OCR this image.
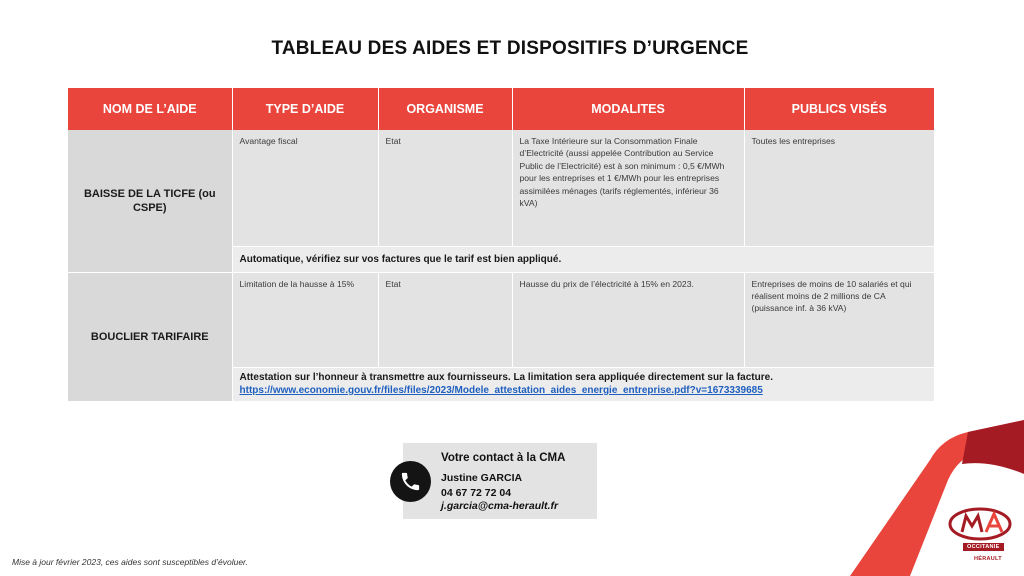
TABLEAU DES AIDES ET DISPOSITIFS D’URGENCE
NOM DE L’AIDE	TYPE D’AIDE	ORGANISME	MODALITES	PUBLICS VISÉS
BAISSE DE LA TICFE (ou CSPE)	Avantage fiscal	Etat	La Taxe Intérieure sur la Consommation Finale d’Electricité (aussi appelée Contribution au Service Public de l’Electricité) est à son minimum : 0,5 €/MWh pour les entreprises et 1 €/MWh pour les entreprises assimilées ménages (tarifs réglementés, inférieur 36 kVA)	Toutes les entreprises
	Automatique, vérifiez sur vos factures que le tarif est bien appliqué.			
BOUCLIER TARIFAIRE	Limitation de la hausse à 15%	Etat	Hausse du prix de l’électricité à 15% en 2023.	Entreprises de moins de 10 salariés et qui réalisent moins de 2 millions de CA (puissance inf. à 36 kVA)
	Attestation sur l’honneur à transmettre aux fournisseurs. La limitation sera appliquée directement sur la facture.
https://www.economie.gouv.fr/files/files/2023/Modele_attestation_aides_energie_entreprise.pdf?v=1673339685			
Votre contact à la CMA
Justine GARCIA
04 67 72 72 04
j.garcia@cma-herault.fr
Mise à jour février 2023, ces aides sont susceptibles d’évoluer.
OCCITANIE
HÉRAULT
